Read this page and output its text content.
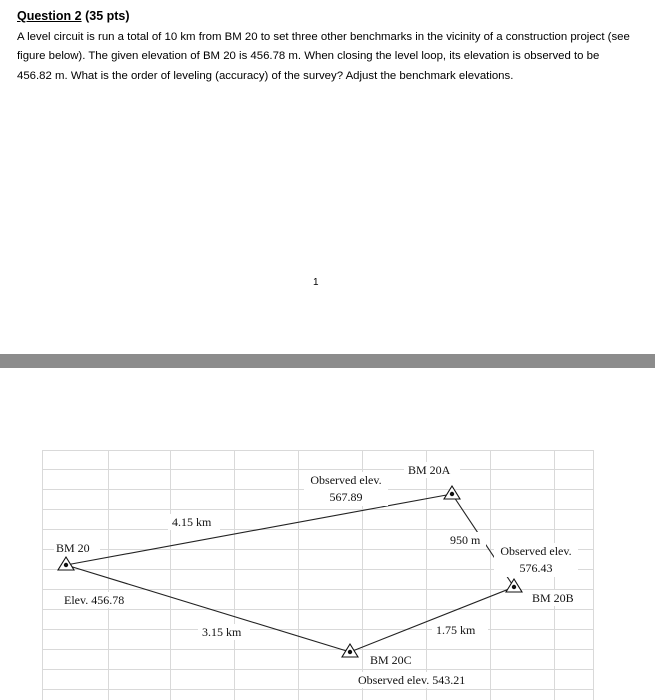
Question 2 (35 pts)

A level circuit is run a total of 10 km from BM 20 to set three other benchmarks in the vicinity of a construction project (see figure below). The given elevation of BM 20 is 456.78 m. When closing the level loop, its elevation is observed to be 456.82 m. What is the order of leveling (accuracy) of the survey? Adjust the benchmark elevations.

1
BM 20
Elev. 456.78
BM 20A
Observed elev.
567.89
Observed elev.
576.43
BM 20B
BM 20C
Observed elev. 543.21
4.15 km
950 m
1.75 km
3.15 km
